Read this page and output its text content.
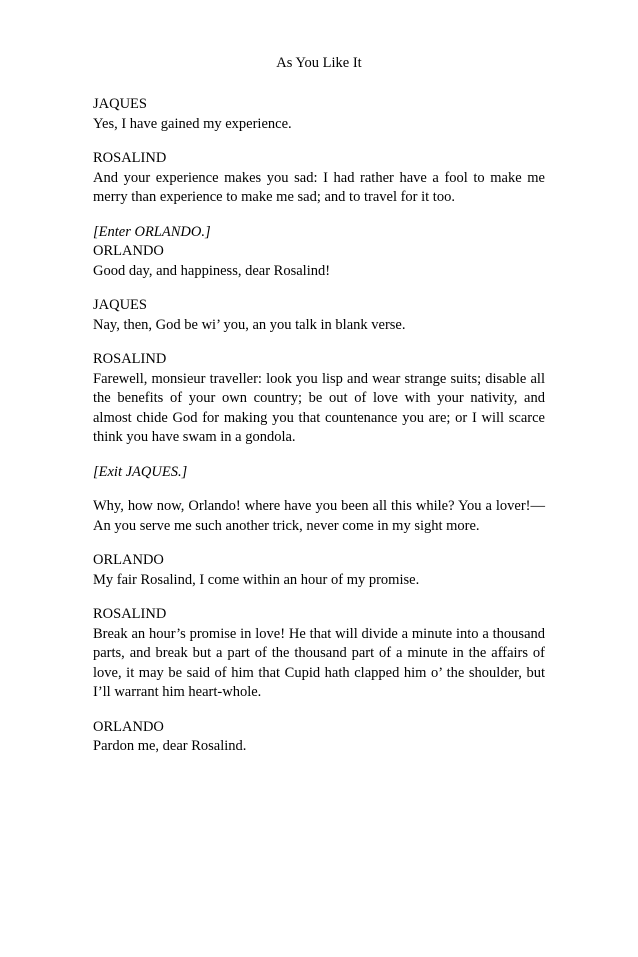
As You Like It
JAQUES
Yes, I have gained my experience.
ROSALIND
And your experience makes you sad: I had rather have a fool to make me merry than experience to make me sad; and to travel for it too.
[Enter ORLANDO.]
ORLANDO
Good day, and happiness, dear Rosalind!
JAQUES
Nay, then, God be wi’ you, an you talk in blank verse.
ROSALIND
Farewell, monsieur traveller: look you lisp and wear strange suits; disable all the benefits of your own country; be out of love with your nativity, and almost chide God for making you that countenance you are; or I will scarce think you have swam in a gondola.
[Exit JAQUES.]
Why, how now, Orlando! where have you been all this while? You a lover!—An you serve me such another trick, never come in my sight more.
ORLANDO
My fair Rosalind, I come within an hour of my promise.
ROSALIND
Break an hour’s promise in love! He that will divide a minute into a thousand parts, and break but a part of the thousand part of a minute in the affairs of love, it may be said of him that Cupid hath clapped him o’ the shoulder, but I’ll warrant him heart-whole.
ORLANDO
Pardon me, dear Rosalind.
